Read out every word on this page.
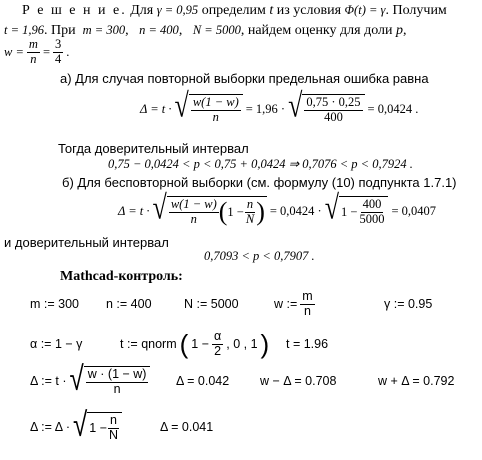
Р е ш е н и е. Для γ = 0,95 определим t из условия Φ(t) = γ. Получим
t = 1,96. При m = 300,   n = 400,   N = 5000, найдем оценку для доли p,
$w = \frac{m}{n} = \frac{3}{4}$ .
а) Для случая повторной выборки предельная ошибка равна
Δ = t · √ $\frac{w(1 - w)}{n} = 1,96$ · √ $\frac{0,75 \cdot 0,25}{400} = 0,0424$ .
Тогда доверительный интервал
0,75 − 0,0424 < p < 0,75 + 0,0424 ⇒ 0,7076 < p < 0,7924 .
б) Для бесповторной выборки (см. формулу (10) подпункта 1.7.1)
Δ = t · √ $\frac{w(1 - w)}{n}$ ( $1 - \frac{n}{N}$ ) = 0,0424 · √ $1 - \frac{400}{5000} = 0,0407$
и доверительный интервал
0,7093 < p < 0,7907 .
Mathcad-контроль:
m := 300	n := 400	N := 5000	w := $\frac{m}{n}$	γ := 0.95
α := 1 − γ	t := qnorm ( $1 - \frac{\alpha}{2}$ , 0 , 1 ) t = 1.96
Δ := t · √ $\frac{w \cdot (1 - w)}{n}$ Δ = 0.042	w − Δ = 0.708	w + Δ = 0.792
Δ := Δ · √ $1 - \frac{n}{N}$	Δ = 0.041
